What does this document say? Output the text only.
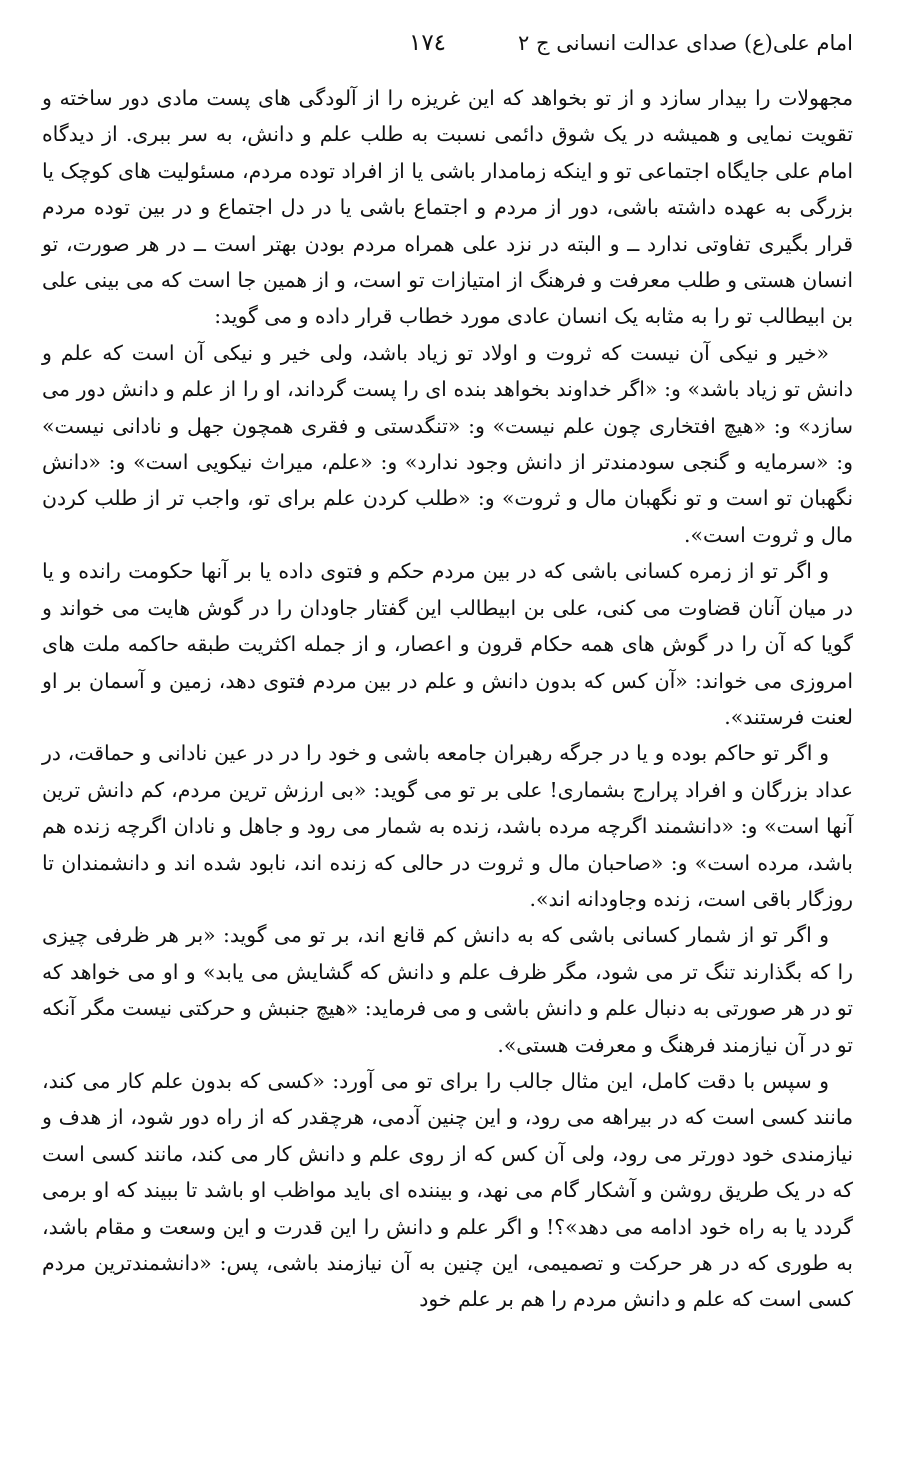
امام علی(ع) صدای عدالت انسانی ج ۲
۱۷٤

مجهولات را بیدار سازد و از تو بخواهد که این غریزه را از آلودگی های پست مادی دور ساخته و تقویت نمایی و همیشه در یک شوق دائمی نسبت به طلب علم و دانش، به سر ببری. از دیدگاه امام علی جایگاه اجتماعی تو و اینکه زمامدار باشی یا از افراد توده مردم، مسئولیت های کوچک یا بزرگی به عهده داشته باشی، دور از مردم و اجتماع باشی یا در دل اجتماع و در بین توده مردم قرار بگیری تفاوتی ندارد ــ و البته در نزد علی همراه مردم بودن بهتر است ــ در هر صورت، تو انسان هستی و طلب معرفت و فرهنگ از امتیازات تو است، و از همین جا است که می بینی علی بن ابیطالب تو را به مثابه یک انسان عادی مورد خطاب قرار داده و می گوید:

«خیر و نیکی آن نیست که ثروت و اولاد تو زیاد باشد، ولی خیر و نیکی آن است که علم و دانش تو زیاد باشد» و: «اگر خداوند بخواهد بنده ای را پست گرداند، او را از علم و دانش دور می سازد» و: «هیچ افتخاری چون علم نیست» و: «تنگدستی و فقری همچون جهل و نادانی نیست» و: «سرمایه و گنجی سودمندتر از دانش وجود ندارد» و: «علم، میراث نیکویی است» و: «دانش نگهبان تو است و تو نگهبان مال و ثروت» و: «طلب کردن علم برای تو، واجب تر از طلب کردن مال و ثروت است».

و اگر تو از زمره کسانی باشی که در بین مردم حکم و فتوی داده یا بر آنها حکومت رانده و یا در میان آنان قضاوت می کنی، علی بن ابیطالب این گفتار جاودان را در گوش هایت می خواند و گویا که آن را در گوش های همه حکام قرون و اعصار، و از جمله اکثریت طبقه حاکمه ملت های امروزی می خواند: «آن کس که بدون دانش و علم در بین مردم فتوی دهد، زمین و آسمان بر او لعنت فرستند».

و اگر تو حاکم بوده و یا در جرگه رهبران جامعه باشی و خود را در در عین نادانی و حماقت، در عداد بزرگان و افراد پرارج بشماری! علی بر تو می گوید: «بی ارزش ترین مردم، کم دانش ترین آنها است» و: «دانشمند اگرچه مرده باشد، زنده به شمار می رود و جاهل و نادان اگرچه زنده هم باشد، مرده است» و: «صاحبان مال و ثروت در حالی که زنده اند، نابود شده اند و دانشمندان تا روزگار باقی است، زنده وجاودانه اند».

و اگر تو از شمار کسانی باشی که به دانش کم قانع اند، بر تو می گوید: «بر هر ظرفی چیزی را که بگذارند تنگ تر می شود، مگر ظرف علم و دانش که گشایش می یابد» و او می خواهد که تو در هر صورتی به دنبال علم و دانش باشی و می فرماید: «هیچ جنبش و حرکتی نیست مگر آنکه تو در آن نیازمند فرهنگ و معرفت هستی».

و سپس با دقت کامل، این مثال جالب را برای تو می آورد: «کسی که بدون علم کار می کند، مانند کسی است که در بیراهه می رود، و این چنین آدمی، هرچقدر که از راه دور شود، از هدف و نیازمندی خود دورتر می رود، ولی آن کس که از روی علم و دانش کار می کند، مانند کسی است که در یک طریق روشن و آشکار گام می نهد، و بیننده ای باید مواظب او باشد تا ببیند که او برمی گردد یا به راه خود ادامه می دهد»؟! و اگر علم و دانش را این قدرت و این وسعت و مقام باشد، به طوری که در هر حرکت و تصمیمی، این چنین به آن نیازمند باشی، پس: «دانشمندترین مردم کسی است که علم و دانش مردم را هم بر علم خود
